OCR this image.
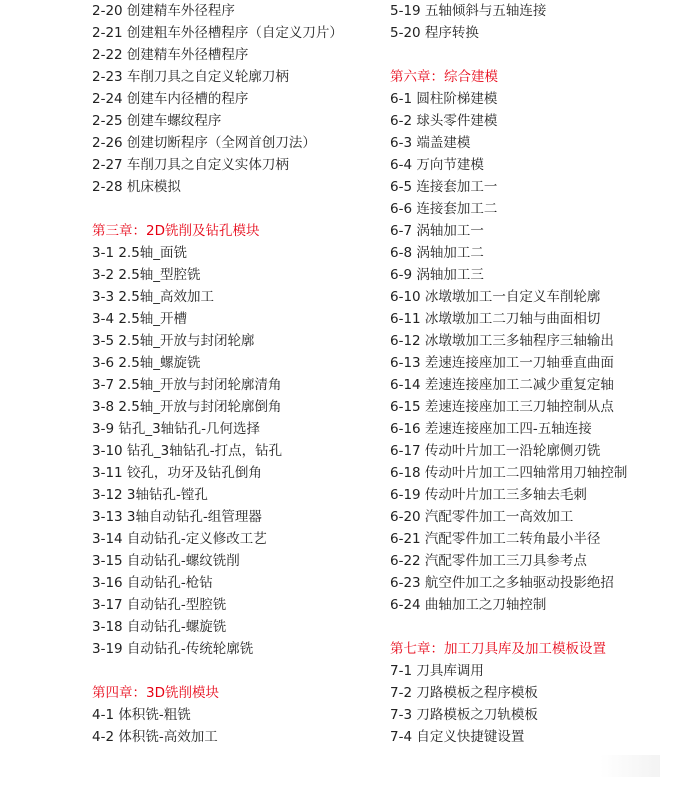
2-20 创建精车外径程序
2-21 创建粗车外径槽程序（自定义刀片）
2-22 创建精车外径槽程序
2-23 车削刀具之自定义轮廓刀柄
2-24 创建车内径槽的程序
2-25 创建车螺纹程序
2-26 创建切断程序（全网首创刀法）
2-27 车削刀具之自定义实体刀柄
2-28 机床模拟
第三章：2D铣削及钻孔模块
3-1 2.5轴_面铣
3-2 2.5轴_型腔铣
3-3 2.5轴_高效加工
3-4 2.5轴_开槽
3-5 2.5轴_开放与封闭轮廓
3-6 2.5轴_螺旋铣
3-7 2.5轴_开放与封闭轮廓清角
3-8 2.5轴_开放与封闭轮廓倒角
3-9 钻孔_3轴钻孔-几何选择
3-10 钻孔_3轴钻孔-打点，钻孔
3-11 铰孔，功牙及钻孔倒角
3-12 3轴钻孔-镗孔
3-13 3轴自动钻孔-组管理器
3-14 自动钻孔-定义修改工艺
3-15 自动钻孔-螺纹铣削
3-16 自动钻孔-枪钻
3-17 自动钻孔-型腔铣
3-18 自动钻孔-螺旋铣
3-19 自动钻孔-传统轮廓铣
第四章：3D铣削模块
4-1 体积铣-粗铣
4-2 体积铣-高效加工
5-19 五轴倾斜与五轴连接
5-20 程序转换
第六章：综合建模
6-1 圆柱阶梯建模
6-2 球头零件建模
6-3 端盖建模
6-4 万向节建模
6-5 连接套加工一
6-6 连接套加工二
6-7 涡轴加工一
6-8 涡轴加工二
6-9 涡轴加工三
6-10 冰墩墩加工一自定义车削轮廓
6-11 冰墩墩加工二刀轴与曲面相切
6-12 冰墩墩加工三多轴程序三轴输出
6-13 差速连接座加工一刀轴垂直曲面
6-14 差速连接座加工二减少重复定轴
6-15 差速连接座加工三刀轴控制从点
6-16 差速连接座加工四-五轴连接
6-17 传动叶片加工一沿轮廓侧刃铣
6-18 传动叶片加工二四轴常用刀轴控制
6-19 传动叶片加工三多轴去毛刺
6-20 汽配零件加工一高效加工
6-21 汽配零件加工二转角最小半径
6-22 汽配零件加工三刀具参考点
6-23 航空件加工之多轴驱动投影绝招
6-24 曲轴加工之刀轴控制
第七章：加工刀具库及加工模板设置
7-1 刀具库调用
7-2 刀路模板之程序模板
7-3 刀路模板之刀轨模板
7-4 自定义快捷键设置
